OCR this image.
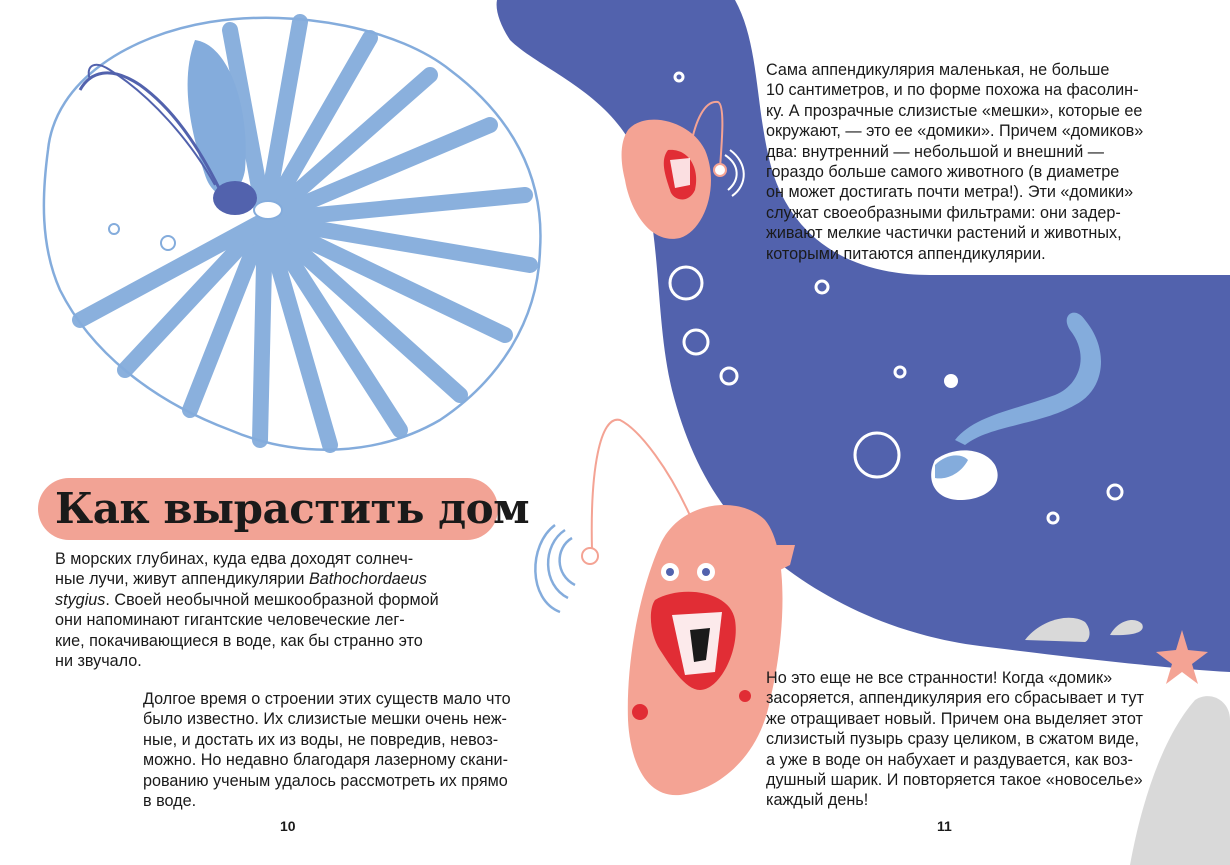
Как вырастить дом

В морских глубинах, куда едва доходят солнеч-
ные лучи, живут аппендикулярии Bathochordaeus
stygius. Своей необычной мешкообразной формой
они напоминают гигантские человеческие лег-
кие, покачивающиеся в воде, как бы странно это
ни звучало.

Долгое время о строении этих существ мало что
было известно. Их слизистые мешки очень неж-
ные, и достать их из воды, не повредив, невоз-
можно. Но недавно благодаря лазерному скани-
рованию ученым удалось рассмотреть их прямо
в воде.

Сама аппендикулярия маленькая, не больше
10 сантиметров, и по форме похожа на фасолин-
ку. А прозрачные слизистые «мешки», которые ее
окружают, — это ее «домики». Причем «домиков»
два: внутренний — небольшой и внешний —
гораздо больше самого животного (в диаметре
он может достигать почти метра!). Эти «домики»
служат своеобразными фильтрами: они задер-
живают мелкие частички растений и животных,
которыми питаются аппендикулярии.

Но это еще не все странности! Когда «домик»
засоряется, аппендикулярия его сбрасывает и тут
же отращивает новый. Причем она выделяет этот
слизистый пузырь сразу целиком, в сжатом виде,
а уже в воде он набухает и раздувается, как воз-
душный шарик. И повторяется такое «новоселье»
каждый день!

10	11
